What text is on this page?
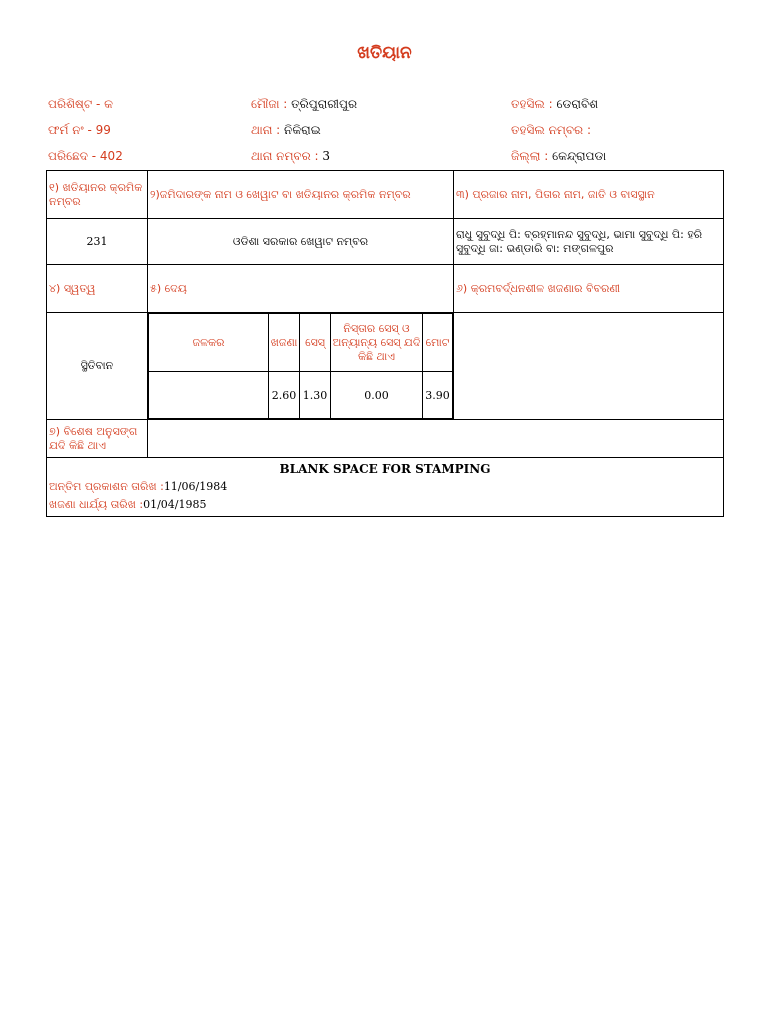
ଖତିୟାନ
ପରିଶିଷ୍ଟ - କ	ମୌଜା : ତ୍ରିପୁରାରୀପୁର	ତହସିଲ : ଡେରାବିଶ
ଫର୍ମ ନଂ - 99	ଥାନା : ନିକିରାଇ	ତହସିଲ ନମ୍ବର :
ପରିଛେଦ - 402	ଥାନା ନମ୍ବର : 3	ଜିଲ୍ଲା : କେନ୍ଦ୍ରାପଡା
୧) ଖତିୟାନର କ୍ରମିକ ନମ୍ବର	୨)ଜମିଦାରଙ୍କ ନାମ ଓ ଖେୱାଟ ବା ଖତିୟାନର କ୍ରମିକ ନମ୍ବର	୩) ପ୍ରଜାର ନାମ, ପିତାର ନାମ, ଜାତି ଓ ବାସସ୍ଥାନ
231	ଓଡିଶା ସରକାର ଖେୱାଟ ନମ୍ବର	ରାଧୁ ସୁବୁଦ୍ଧି ପି: ବ୍ରହ୍ମାନନ୍ଦ ସୁବୁଦ୍ଧି, ଭାମା ସୁବୁଦ୍ଧି ପି: ହରି ସୁବୁଦ୍ଧି ଜା: ଭଣ୍ଡାରି ବା: ମଙ୍ଗଳପୁର
୪) ସ୍ୱତ୍ୱ	୫) ଦେୟ	୬) କ୍ରମବର୍ଦ୍ଧନଶୀଳ ଖଜଣାର ବିବରଣୀ
ସ୍ଥିତିବାନ	
ଜଳକର	ଖଜଣା	ସେସ୍	ନିସ୍ତାର ସେସ୍ ଓ ଅନ୍ୟାନ୍ୟ ସେସ୍ ଯଦି କିଛି ଥାଏ	ମୋଟ
	2.60	1.30	0.00	3.90

୭) ବିଶେଷ ଅନୁସଙ୍ଗ ଯଦି କିଛି ଥାଏ	

BLANK SPACE FOR STAMPING
ଅନ୍ତିମ ପ୍ରକାଶନ ତାରିଖ :11/06/1984
ଖଜଣା ଧାର୍ଯ୍ୟ ତାରିଖ :01/04/1985
